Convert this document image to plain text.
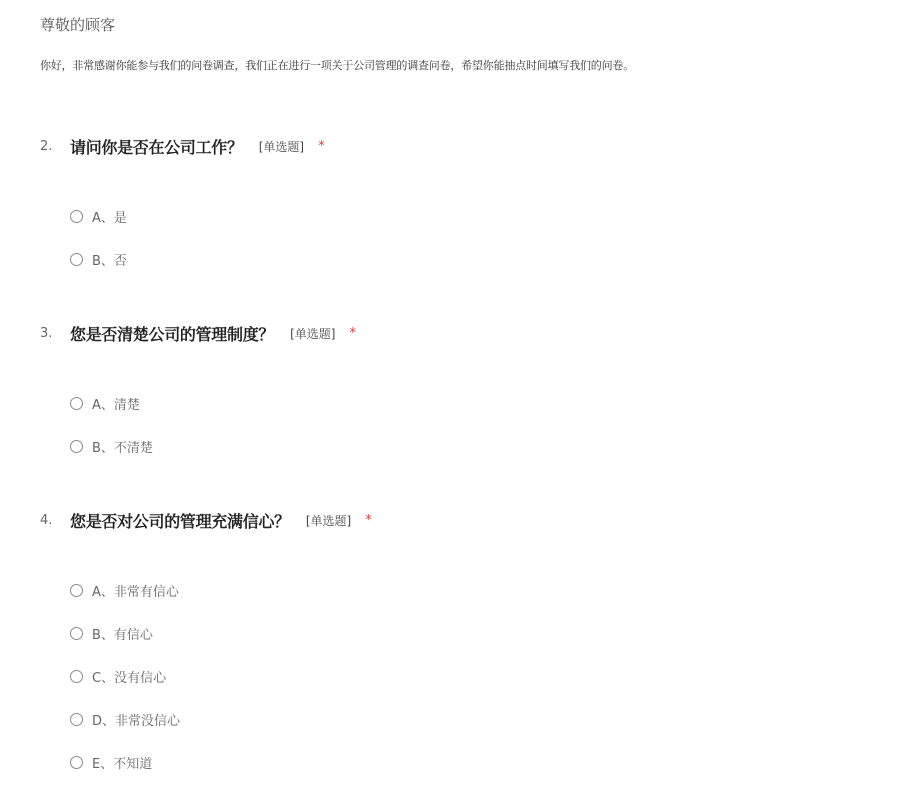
尊敬的顾客
你好，非常感谢你能参与我们的问卷调查，我们正在进行一项关于公司管理的调查问卷，希望你能抽点时间填写我们的问卷。
2.	请问你是否在公司工作？ [单选题] *
A、是
B、否
3.	您是否清楚公司的管理制度？ [单选题] *
A、清楚
B、不清楚
4.	您是否对公司的管理充满信心？ [单选题] *
A、非常有信心
B、有信心
C、没有信心
D、非常没信心
E、不知道
